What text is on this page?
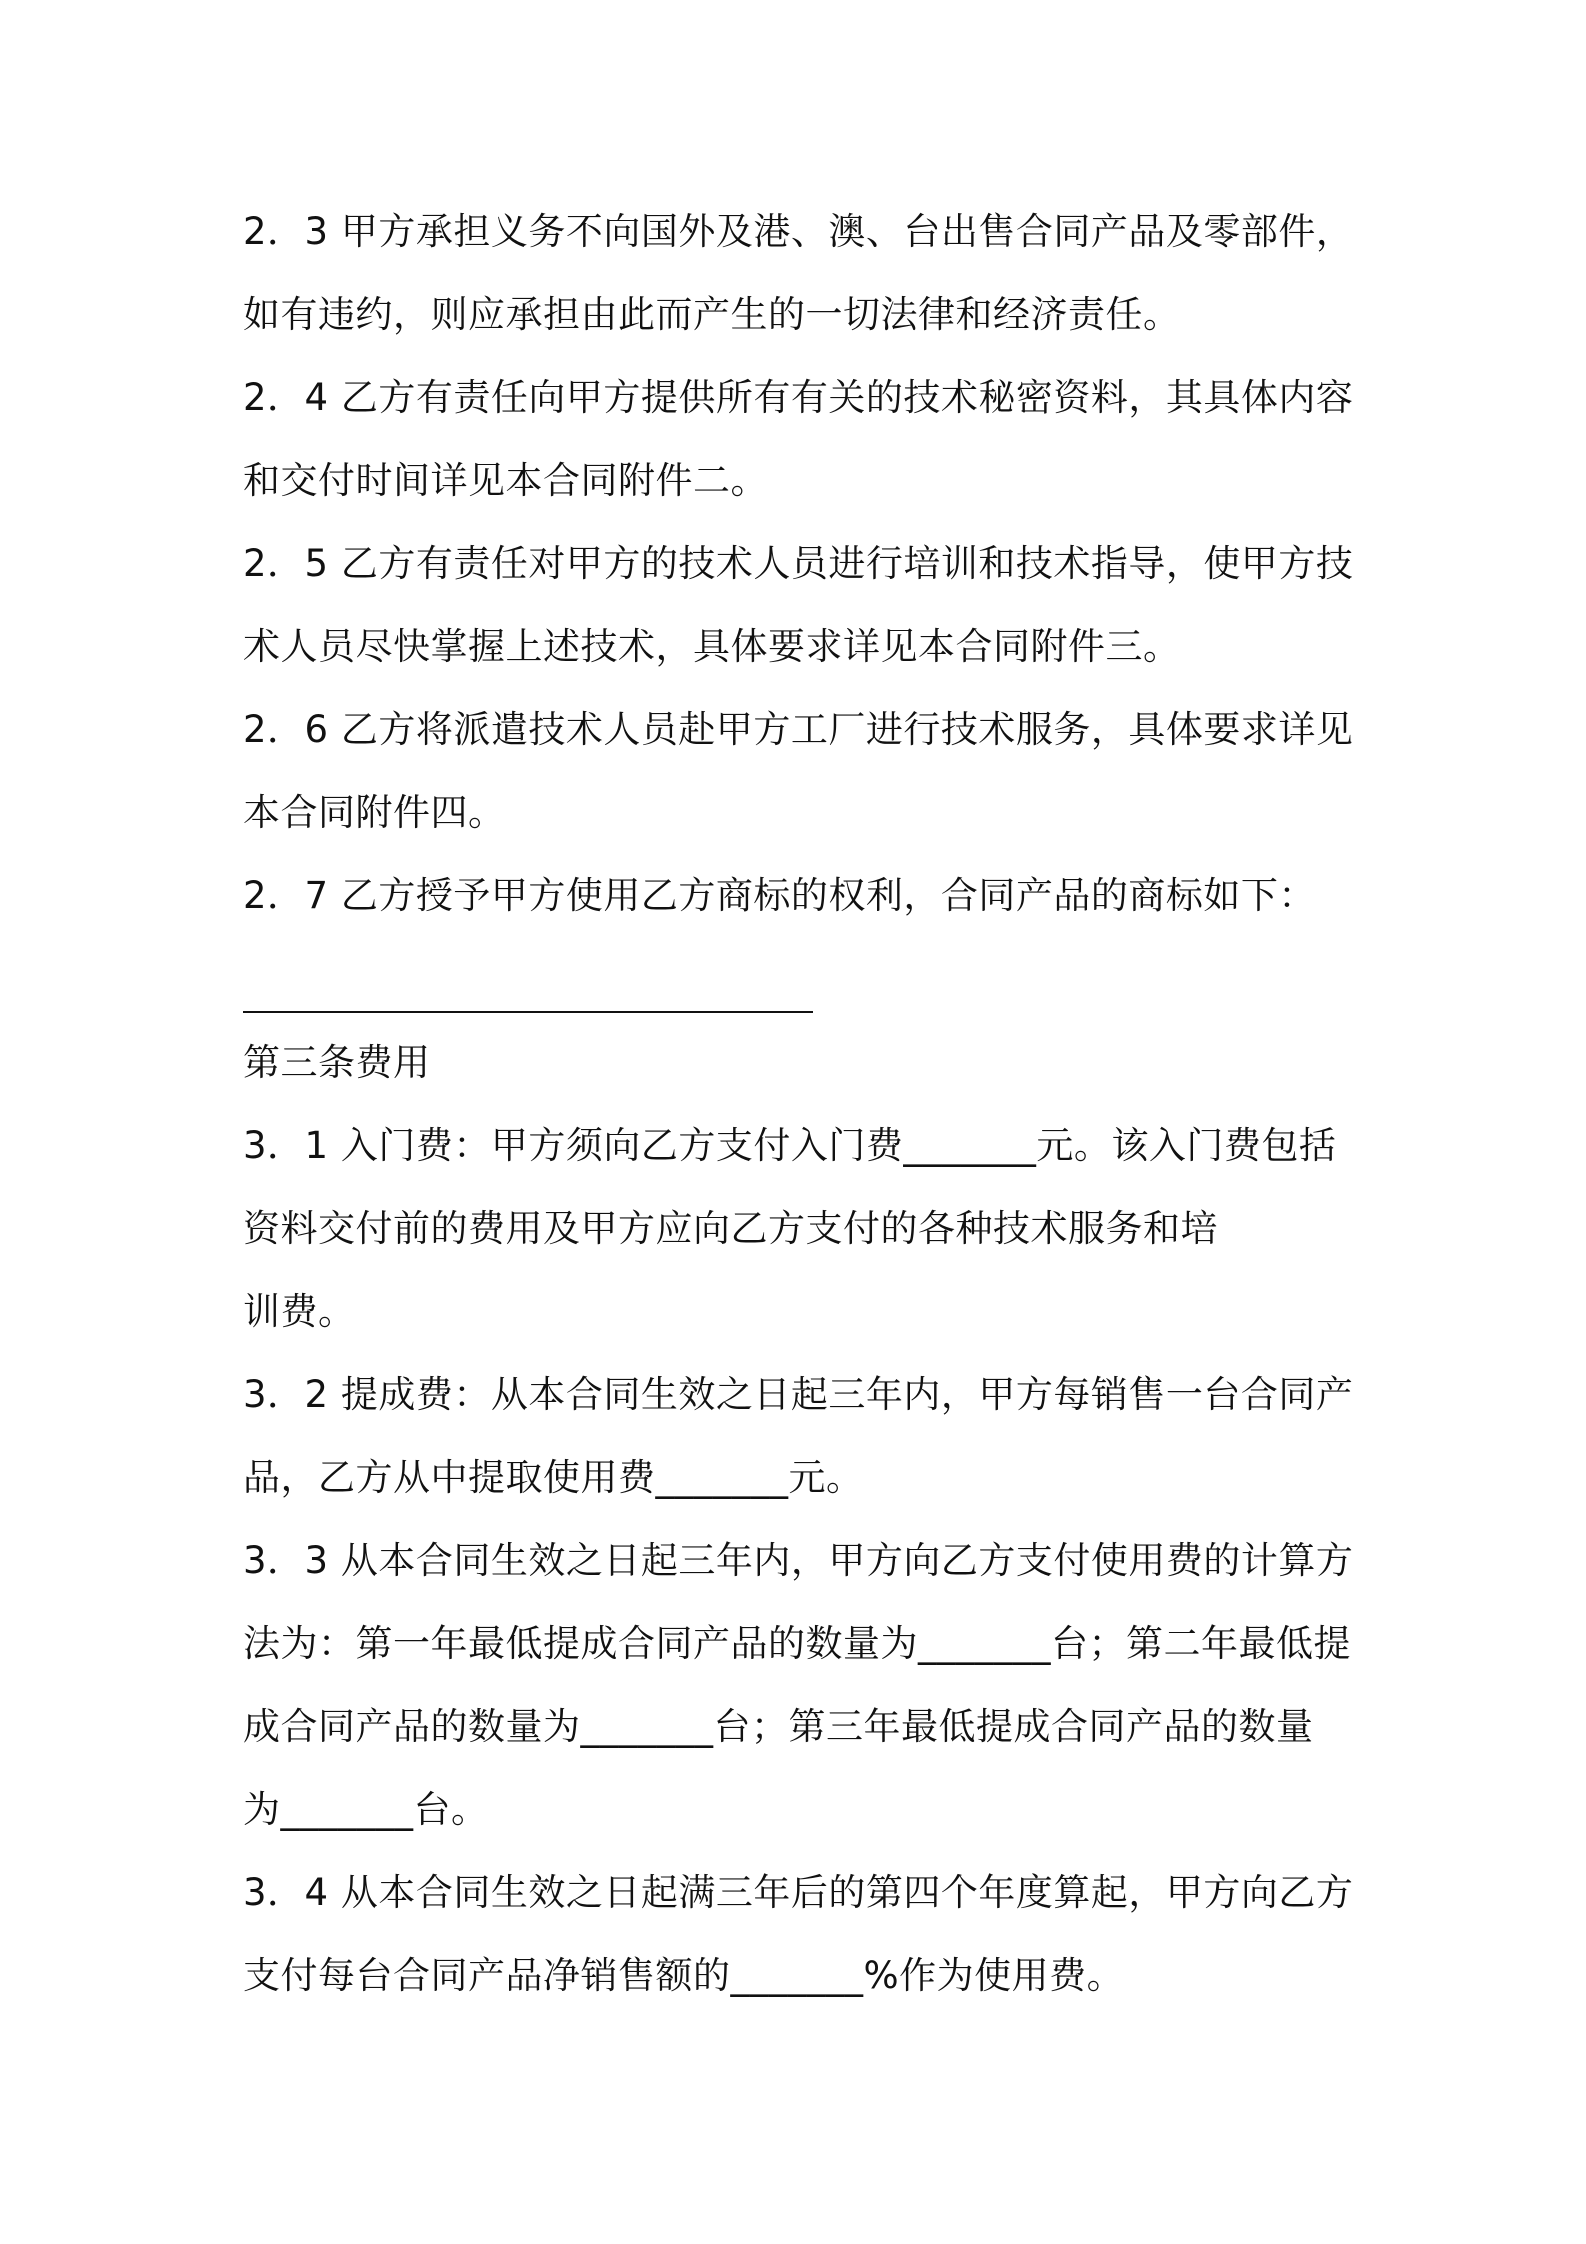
2．3 甲方承担义务不向国外及港、澳、台出售合同产品及零部件，
如有违约，则应承担由此而产生的一切法律和经济责任。
2．4 乙方有责任向甲方提供所有有关的技术秘密资料，其具体内容
和交付时间详见本合同附件二。
2．5 乙方有责任对甲方的技术人员进行培训和技术指导，使甲方技
术人员尽快掌握上述技术，具体要求详见本合同附件三。
2．6 乙方将派遣技术人员赴甲方工厂进行技术服务，具体要求详见
本合同附件四。
2．7 乙方授予甲方使用乙方商标的权利，合同产品的商标如下：
第三条费用
3．1 入门费：甲方须向乙方支付入门费_______元。该入门费包括
资料交付前的费用及甲方应向乙方支付的各种技术服务和培
训费。
3．2 提成费：从本合同生效之日起三年内，甲方每销售一台合同产
品，乙方从中提取使用费_______元。
3．3 从本合同生效之日起三年内，甲方向乙方支付使用费的计算方
法为：第一年最低提成合同产品的数量为_______台；第二年最低提
成合同产品的数量为_______台；第三年最低提成合同产品的数量
为_______台。
3．4 从本合同生效之日起满三年后的第四个年度算起，甲方向乙方
支付每台合同产品净销售额的_______%作为使用费。
